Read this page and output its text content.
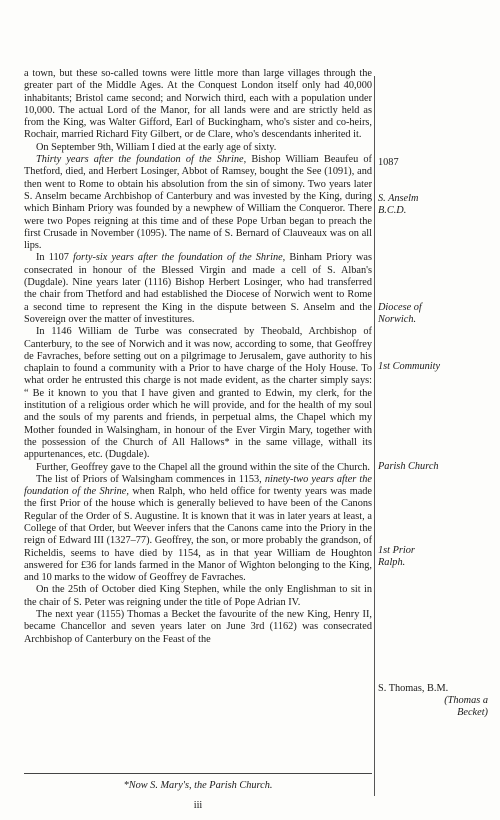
a town, but these so-called towns were little more than large villages through the greater part of the Middle Ages. At the Conquest London itself only had 40,000 inhabitants; Bristol came second; and Norwich third, each with a population under 10,000. The actual Lord of the Manor, for all lands were and are strictly held as from the King, was Walter Gifford, Earl of Buckingham, who's sister and co-heirs, Rochair, married Richard Fity Gilbert, or de Clare, who's descendants inherited it.

On September 9th, William I died at the early age of sixty.

Thirty years after the foundation of the Shrine, Bishop William Beaufeu of Thetford, died, and Herbert Losinger, Abbot of Ramsey, bought the See (1091), and then went to Rome to obtain his absolution from the sin of simony. Two years later S. Anselm became Archbishop of Canterbury and was invested by the King, during which Binham Priory was founded by a newphew of William the Conqueror. There were two Popes reigning at this time and of these Pope Urban began to preach the first Crusade in November (1095). The name of S. Bernard of Clauveaux was on all lips.

In 1107 forty-six years after the foundation of the Shrine, Binham Priory was consecrated in honour of the Blessed Virgin and made a cell of S. Alban's (Dugdale). Nine years later (1116) Bishop Herbert Losinger, who had transferred the chair from Thetford and had established the Diocese of Norwich went to Rome a second time to represent the King in the dispute between S. Anselm and the Sovereign over the matter of investitures.

In 1146 William de Turbe was consecrated by Theobald, Archbishop of Canterbury, to the see of Norwich and it was now, according to some, that Geoffrey de Favraches, before setting out on a pilgrimage to Jerusalem, gave authority to his chaplain to found a community with a Prior to have charge of the Holy House. To what order he entrusted this charge is not made evident, as the charter simply says: “ Be it known to you that I have given and granted to Edwin, my clerk, for the institution of a religious order which he will provide, and for the health of my soul and the souls of my parents and friends, in perpetual alms, the Chapel which my Mother founded in Walsingham, in honour of the Ever Virgin Mary, together with the possession of the Church of All Hallows* in the same village, withall its appurtenances, etc. (Dugdale).

Further, Geoffrey gave to the Chapel all the ground within the site of the Church.

The list of Priors of Walsingham commences in 1153, ninety-two years after the foundation of the Shrine, when Ralph, who held office for twenty years was made the first Prior of the house which is generally believed to have been of the Canons Regular of the Order of S. Augustine. It is known that it was in later years at least, a College of that Order, but Weever infers that the Canons came into the Priory in the reign of Edward III (1327–77). Geoffrey, the son, or more probably the grandson, of Richeldis, seems to have died by 1154, as in that year William de Houghton answered for £36 for lands farmed in the Manor of Wighton belonging to the King, and 10 marks to the widow of Geoffrey de Favraches.

On the 25th of October died King Stephen, while the only Englishman to sit in the chair of S. Peter was reigning under the title of Pope Adrian IV.

The next year (1155) Thomas a Becket the favourite of the new King, Henry II, became Chancellor and seven years later on June 3rd (1162) was consecrated Archbishop of Canterbury on the Feast of the

1087
S. Anselm
B.C.D.
Diocese of
Norwich.
1st Community
Parish Church
1st Prior
Ralph.
S. Thomas, B.M.
(Thomas a
Becket)
*Now S. Mary's, the Parish Church.
iii
